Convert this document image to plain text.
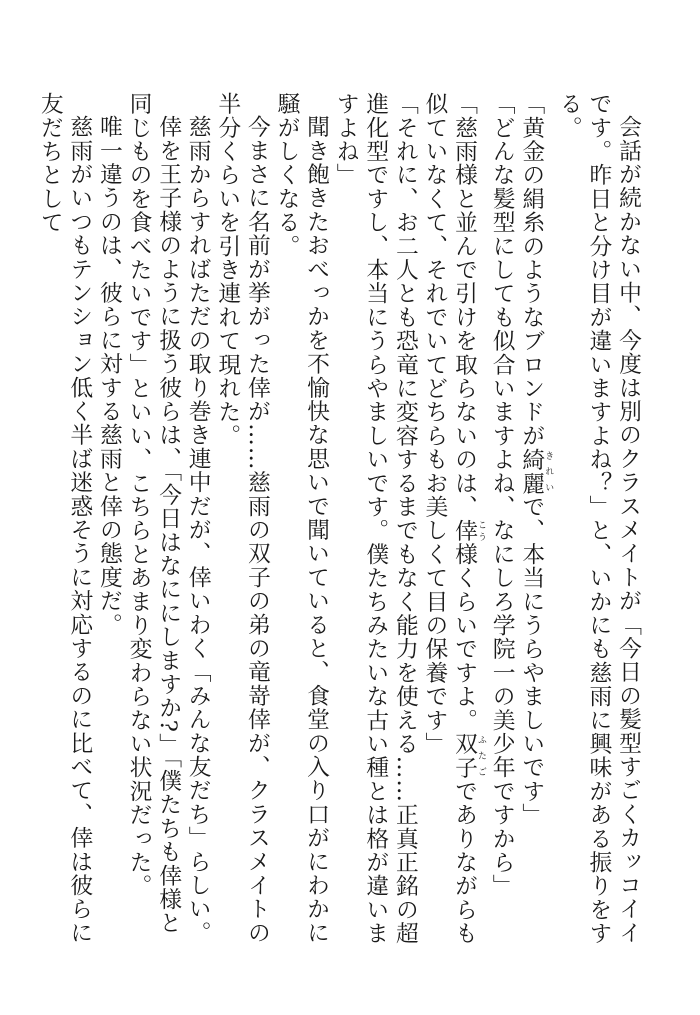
会話が続かない中、今度は別のクラスメイトが「今日の髪型すごくカッコイイです。昨日と分け目が違いますよね？」と、いかにも慈雨に興味がある振りをする。

「黄金の絹糸のようなブロンドが綺麗 きれいで、本当にうらやましいです」

「どんな髪型にしても似合いますよね、なにしろ学院一の美少年ですから」

「慈雨様と並んで引けを取らないのは、倖 こう様くらいですよ。双子 ふたごでありながらも似ていなくて、それでいてどちらもお美しくて目の保養です」

「それに、お二人とも恐竜に変容するまでもなく能力を使える……正真正銘の超進化型ですし、本当にうらやましいです。僕たちみたいな古い種とは格が違いますよね」

聞き飽きたおべっかを不愉快な思いで聞いていると、食堂の入り口がにわかに騒がしくなる。

今まさに名前が挙がった倖が……慈雨の双子の弟の竜嵜倖が、クラスメイトの半分くらいを引き連れて現れた。

慈雨からすればただの取り巻き連中だが、倖いわく「みんな友だち」らしい。

倖を王子様のように扱う彼らは、「今日はなににしますか?」「僕たちも倖様と同じものを食べたいです」といい、こちらとあまり変わらない状況だった。

唯一違うのは、彼らに対する慈雨と倖の態度だ。

慈雨がいつもテンション低く半ば迷惑そうに対応するのに比べて、倖は彼らに友だちとして
